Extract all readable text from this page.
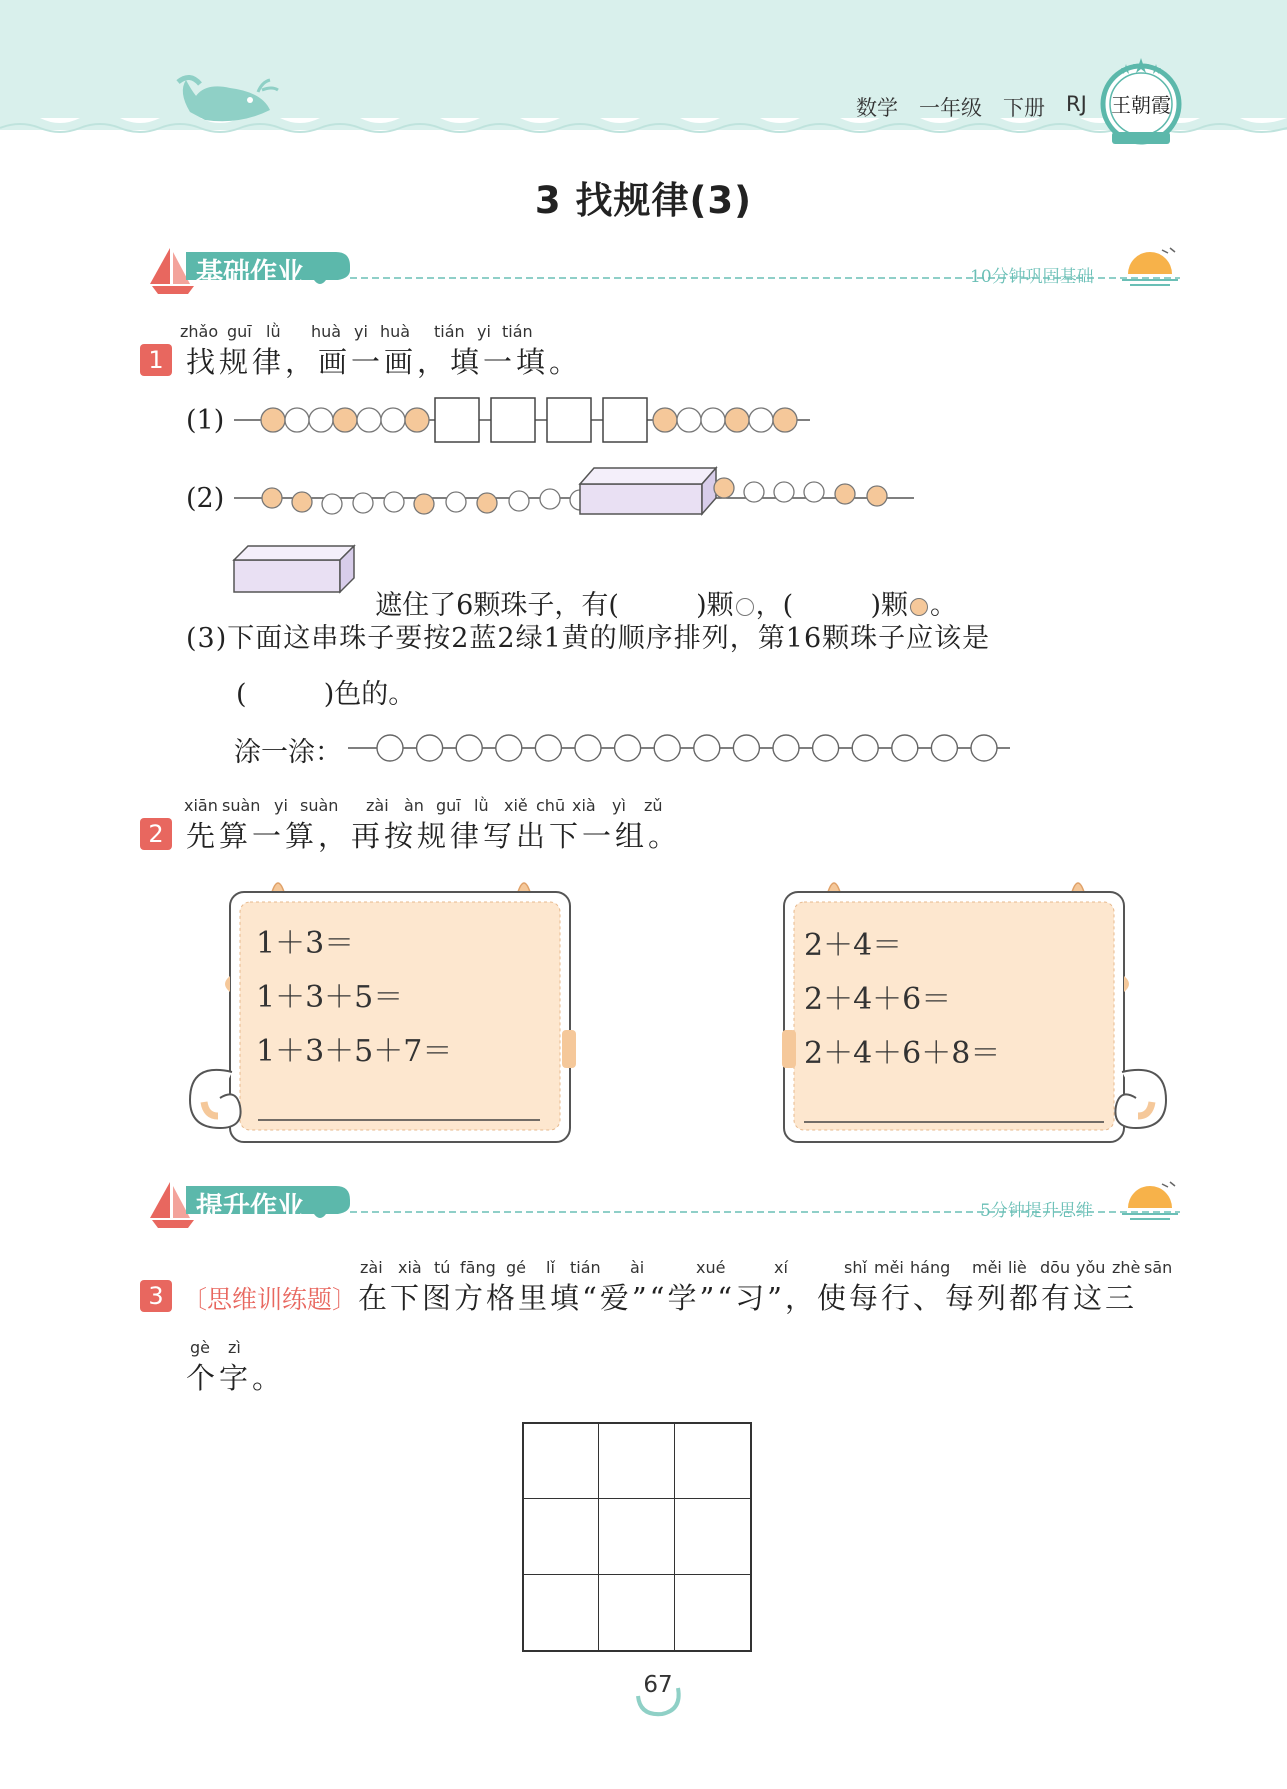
数学 一年级 下册 RJ 王朝霞
3 找规律(3)
基础作业	10分钟巩固基础
zhǎo guī lǜ huà yi huà tián yi tián
1 找规律，画一画，填一填。
(1)
(2)

遮住了6颗珠子，有(         )颗 ，(         )颗 。

(3)下面这串珠子要按2蓝2绿1黄的顺序排列，第16颗珠子应该是
(         )色的。
涂一涂：
xiān suàn yi suàn zài àn guī lǜ xiě chū xià yì zǔ
2 先算一算，再按规律写出下一组。
1＋3＝
1＋3＋5＝
1＋3＋5＋7＝
2＋4＝
2＋4＋6＝
2＋4＋6＋8＝
提升作业	5分钟提升思维
zài xià tú fāng gé lǐ tián ài	xué	xí	shǐ měi háng měi liè dōu yǒu zhè sān
3 〔思维训练题〕 在下图方格里填“爱”“学”“习”，使每行、每列都有这三
gè zì
个字。
67
